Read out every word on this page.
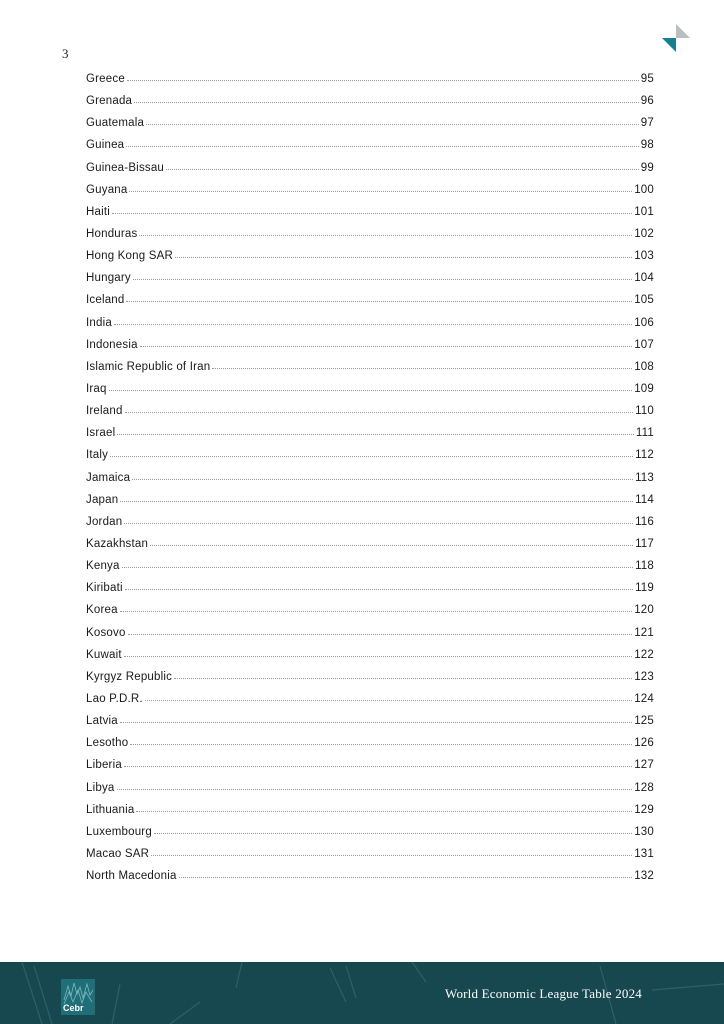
3
Greece	95
Grenada	96
Guatemala	97
Guinea	98
Guinea-Bissau	99
Guyana	100
Haiti	101
Honduras	102
Hong Kong SAR	103
Hungary	104
Iceland	105
India	106
Indonesia	107
Islamic Republic of Iran	108
Iraq	109
Ireland	110
Israel	111
Italy	112
Jamaica	113
Japan	114
Jordan	116
Kazakhstan	117
Kenya	118
Kiribati	119
Korea	120
Kosovo	121
Kuwait	122
Kyrgyz Republic	123
Lao P.D.R.	124
Latvia	125
Lesotho	126
Liberia	127
Libya	128
Lithuania	129
Luxembourg	130
Macao SAR	131
North Macedonia	132
Cebr
World Economic League Table 2024
